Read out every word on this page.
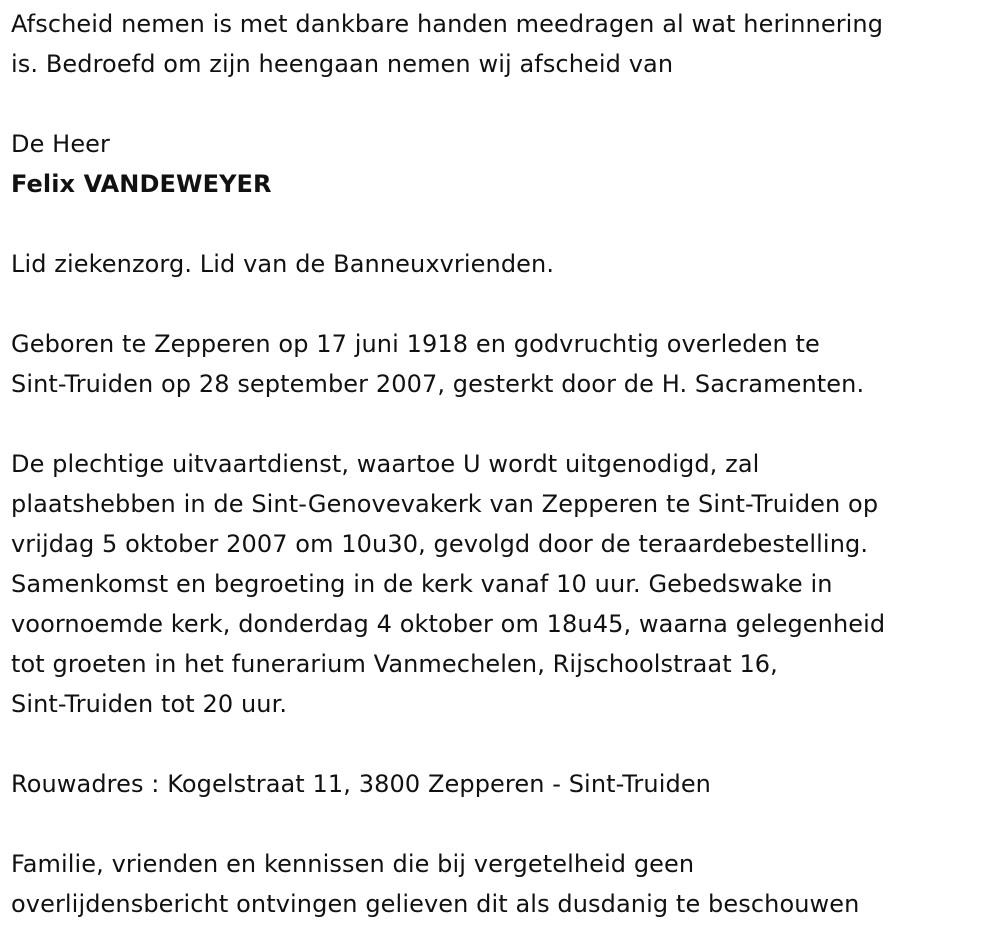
Afscheid nemen is met dankbare handen meedragen al wat herinnering
is. Bedroefd om zijn heengaan nemen wij afscheid van
De Heer
Felix VANDEWEYER
Lid ziekenzorg. Lid van de Banneuxvrienden.
Geboren te Zepperen op 17 juni 1918 en godvruchtig overleden te
Sint-Truiden op 28 september 2007, gesterkt door de H. Sacramenten.
De plechtige uitvaartdienst, waartoe U wordt uitgenodigd, zal
plaatshebben in de Sint-Genovevakerk van Zepperen te Sint-Truiden op
vrijdag 5 oktober 2007 om 10u30, gevolgd door de teraardebestelling.
Samenkomst en begroeting in de kerk vanaf 10 uur. Gebedswake in
voornoemde kerk, donderdag 4 oktober om 18u45, waarna gelegenheid
tot groeten in het funerarium Vanmechelen, Rijschoolstraat 16,
Sint-Truiden tot 20 uur.
Rouwadres : Kogelstraat 11, 3800 Zepperen - Sint-Truiden
Familie, vrienden en kennissen die bij vergetelheid geen
overlijdensbericht ontvingen gelieven dit als dusdanig te beschouwen
